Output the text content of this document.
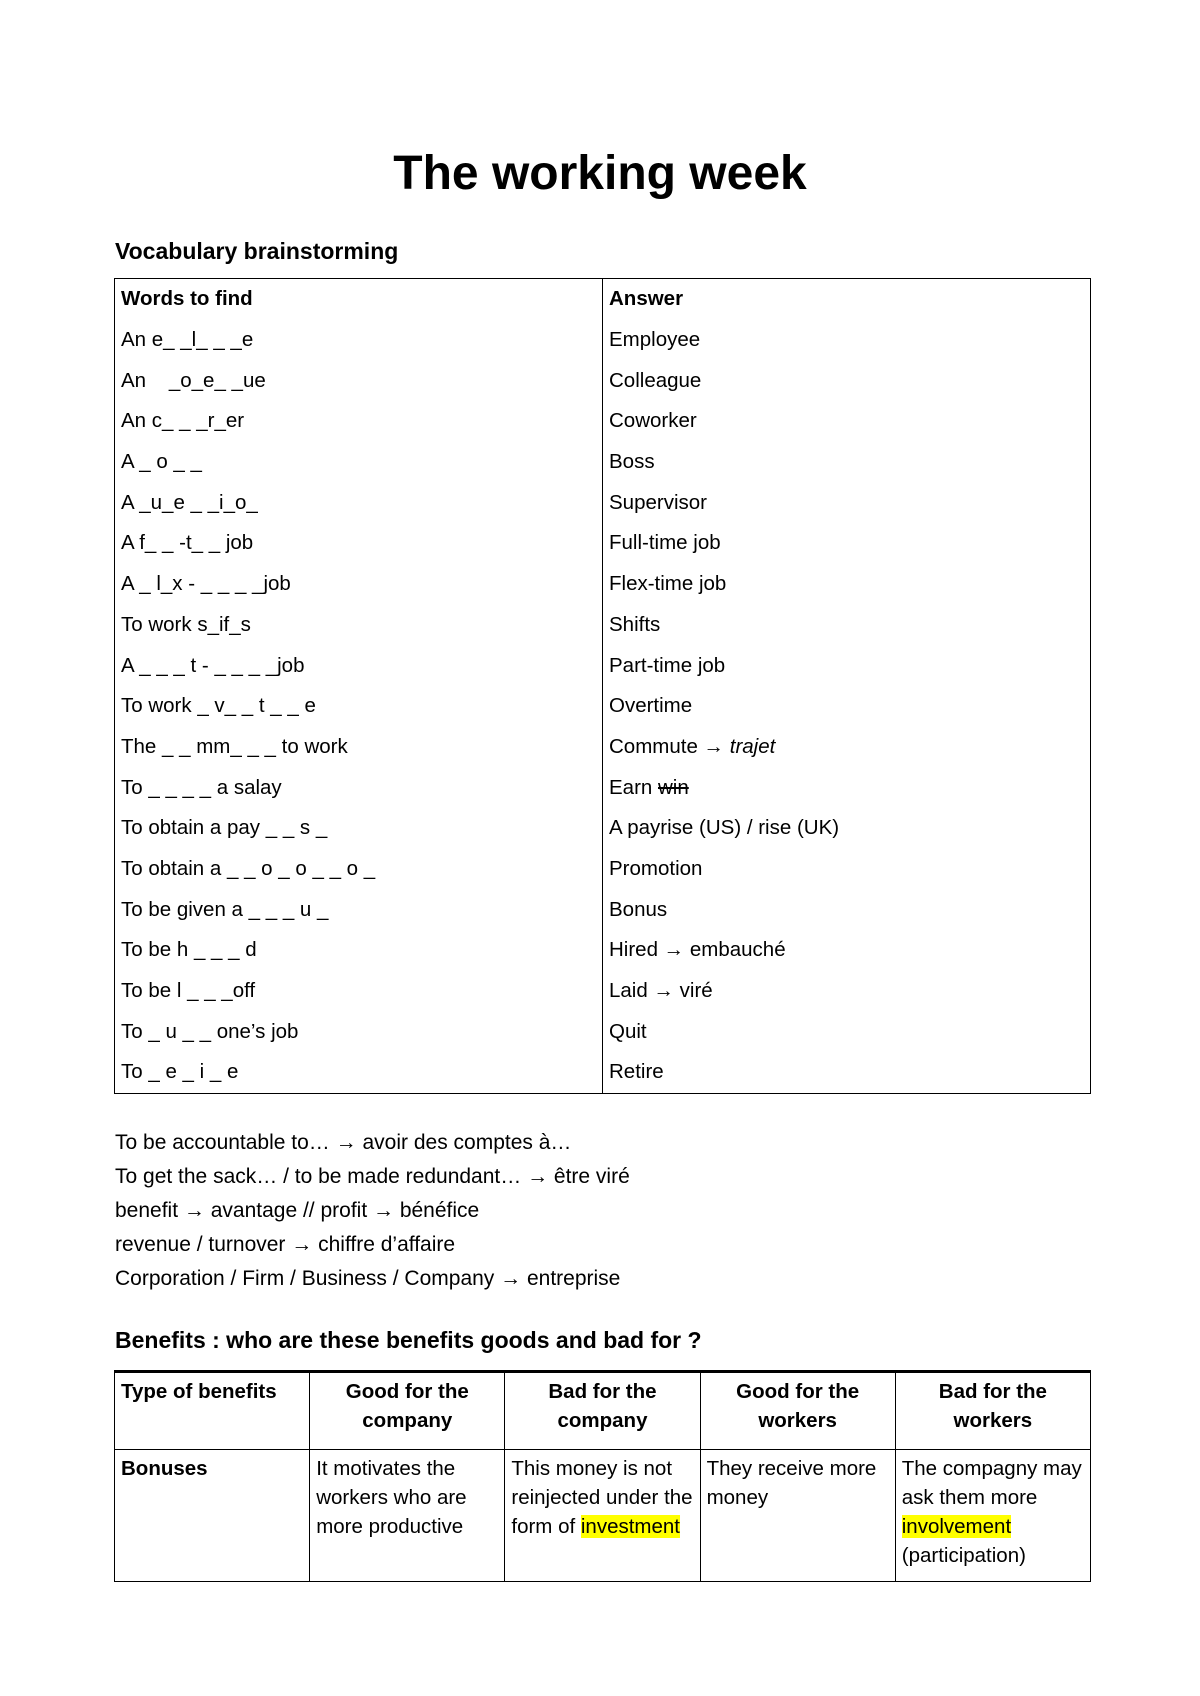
The working week
Vocabulary brainstorming
Words to find	Answer
An e_ _l_ _ _e	Employee
An    _o_e_ _ue	Colleague
An c_ _ _r_er	Coworker
A _ o _ _	Boss
A _u_e _ _i_o_	Supervisor
A f_ _ -t_ _ job	Full-time job
A _ l_x - _ _ _ _job	Flex-time job
To work s_if_s	Shifts
A _ _ _ t - _ _ _ _job	Part-time job
To work _ v_ _ t _ _ e	Overtime
The _ _ mm_ _ _ to work	Commute → trajet
To _ _ _ _ a salay	Earn win
To obtain a pay _ _ s _	A payrise (US) / rise (UK)
To obtain a _ _ o _ o _ _ o _	Promotion
To be given a _ _ _ u _	Bonus
To be h _ _ _ d	Hired → embauché
To be l _ _ _off	Laid → viré
To _ u _ _ one’s job	Quit
To _ e _ i _ e	Retire
To be accountable to… → avoir des comptes à…
To get the sack… / to be made redundant… → être viré
benefit → avantage // profit → bénéfice
revenue / turnover → chiffre d’affaire
Corporation / Firm / Business / Company → entreprise
Benefits : who are these benefits goods and bad for ?
Type of benefits	Good for the company	Bad for the company	Good for the workers	Bad for the workers
Bonuses	It motivates the workers who are more productive	This money is not reinjected under the form of investment	They receive more money	The compagny may ask them more involvement (participation)
